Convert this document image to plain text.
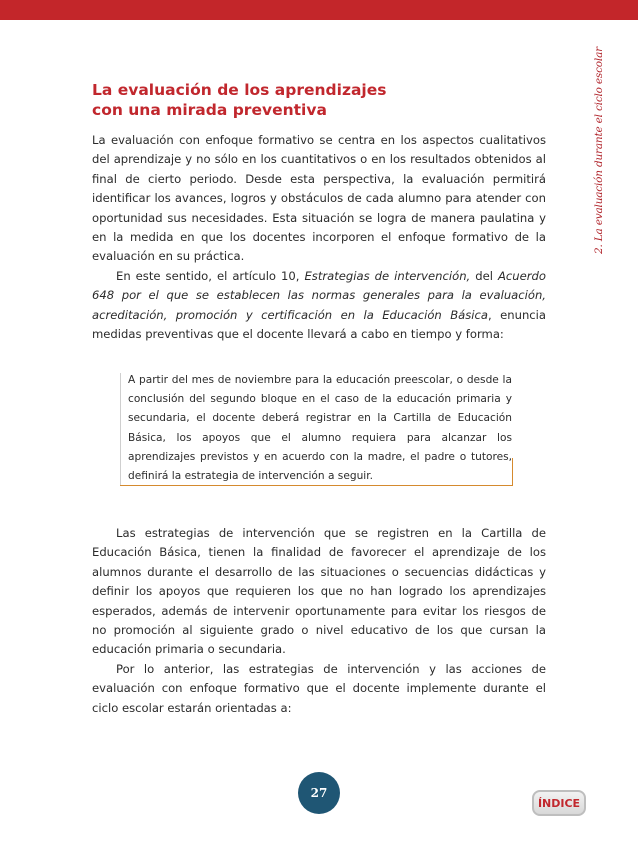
2. La evaluación durante el ciclo escolar
La evaluación de los aprendizajes
con una mirada preventiva

La evaluación con enfoque formativo se centra en los aspectos cualitativos del aprendizaje y no sólo en los cuantitativos o en los resultados obtenidos al final de cierto periodo. Desde esta perspectiva, la evaluación permitirá identificar los avances, logros y obstáculos de cada alumno para atender con oportunidad sus necesidades. Esta situación se logra de manera paulatina y en la medida en que los docentes incorporen el enfoque formativo de la evaluación en su práctica.

En este sentido, el artículo 10, Estrategias de intervención, del Acuerdo 648 por el que se establecen las normas generales para la evaluación, acreditación, promoción y certificación en la Educación Básica, enuncia medidas preventivas que el docente llevará a cabo en tiempo y forma:

A partir del mes de noviembre para la educación preescolar, o desde la conclusión del segundo bloque en el caso de la educación primaria y secundaria, el docente deberá registrar en la Cartilla de Educación Básica, los apoyos que el alumno requiera para alcanzar los aprendizajes previstos y en acuerdo con la madre, el padre o tutores, definirá la estrategia de intervención a seguir.

Las estrategias de intervención que se registren en la Cartilla de Educación Básica, tienen la finalidad de favorecer el aprendizaje de los alumnos durante el desarrollo de las situaciones o secuencias didácticas y definir los apoyos que requieren los que no han logrado los aprendizajes esperados, además de intervenir oportunamente para evitar los riesgos de no promoción al siguiente grado o nivel educativo de los que cursan la educación primaria o secundaria.

Por lo anterior, las estrategias de intervención y las acciones de evaluación con enfoque formativo que el docente implemente durante el ciclo escolar estarán orientadas a:

27
ÍNDICE
